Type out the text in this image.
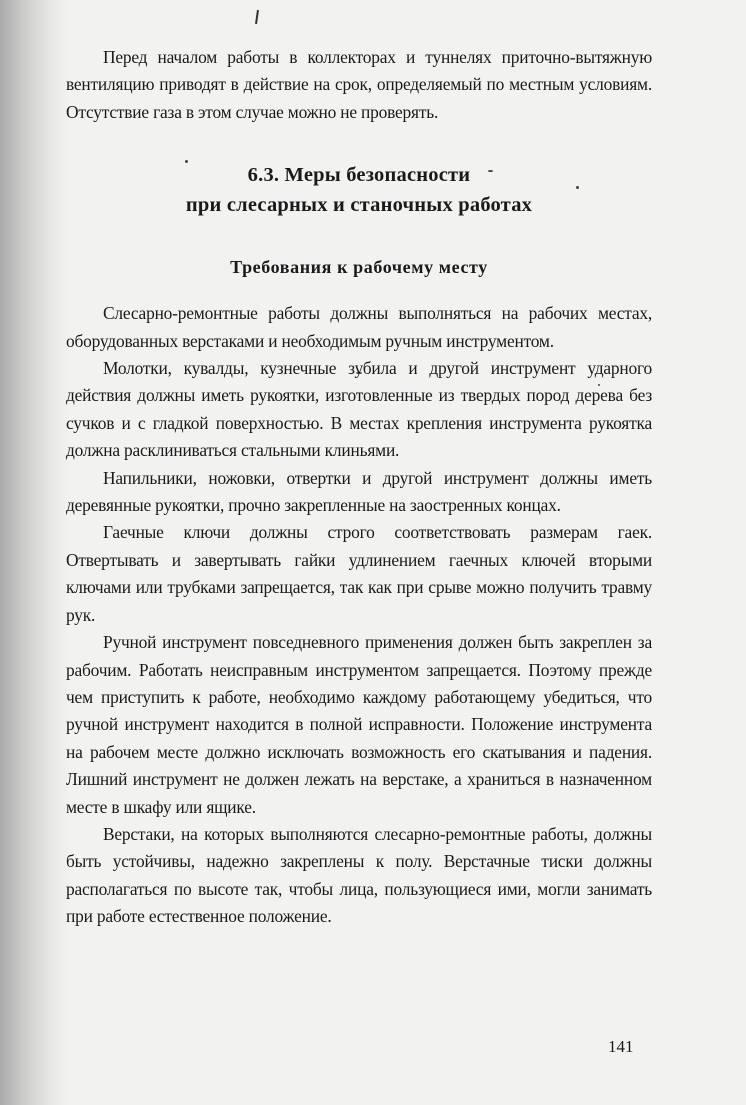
Перед началом работы в коллекторах и туннелях приточно-вытяжную вентиляцию приводят в действие на срок, определяемый по местным условиям. Отсутствие газа в этом случае можно не проверять.

6.3. Меры безопасности
при слесарных и станочных работах
Требования к рабочему месту

Слесарно-ремонтные работы должны выполняться на рабочих местах, оборудованных верстаками и необходимым ручным инструментом.

Молотки, кувалды, кузнечные зубила и другой инструмент ударного действия должны иметь рукоятки, изготовленные из твердых пород дерева без сучков и с гладкой поверхностью. В местах крепления инструмента рукоятка должна расклиниваться стальными клиньями.

Напильники, ножовки, отвертки и другой инструмент должны иметь деревянные рукоятки, прочно закрепленные на заостренных концах.

Гаечные ключи должны строго соответствовать размерам гаек. Отвертывать и завертывать гайки удлинением гаечных ключей вторыми ключами или трубками запрещается, так как при срыве можно получить травму рук.

Ручной инструмент повседневного применения должен быть закреплен за рабочим. Работать неисправным инструментом запрещается. Поэтому прежде чем приступить к работе, необходимо каждому работающему убедиться, что ручной инструмент находится в полной исправности. Положение инструмента на рабочем месте должно исключать возможность его скатывания и падения. Лишний инструмент не должен лежать на верстаке, а храниться в назначенном месте в шкафу или ящике.

Верстаки, на которых выполняются слесарно-ремонтные работы, должны быть устойчивы, надежно закреплены к полу. Верстачные тиски должны располагаться по высоте так, чтобы лица, пользующиеся ими, могли занимать при работе естественное положение.

141
